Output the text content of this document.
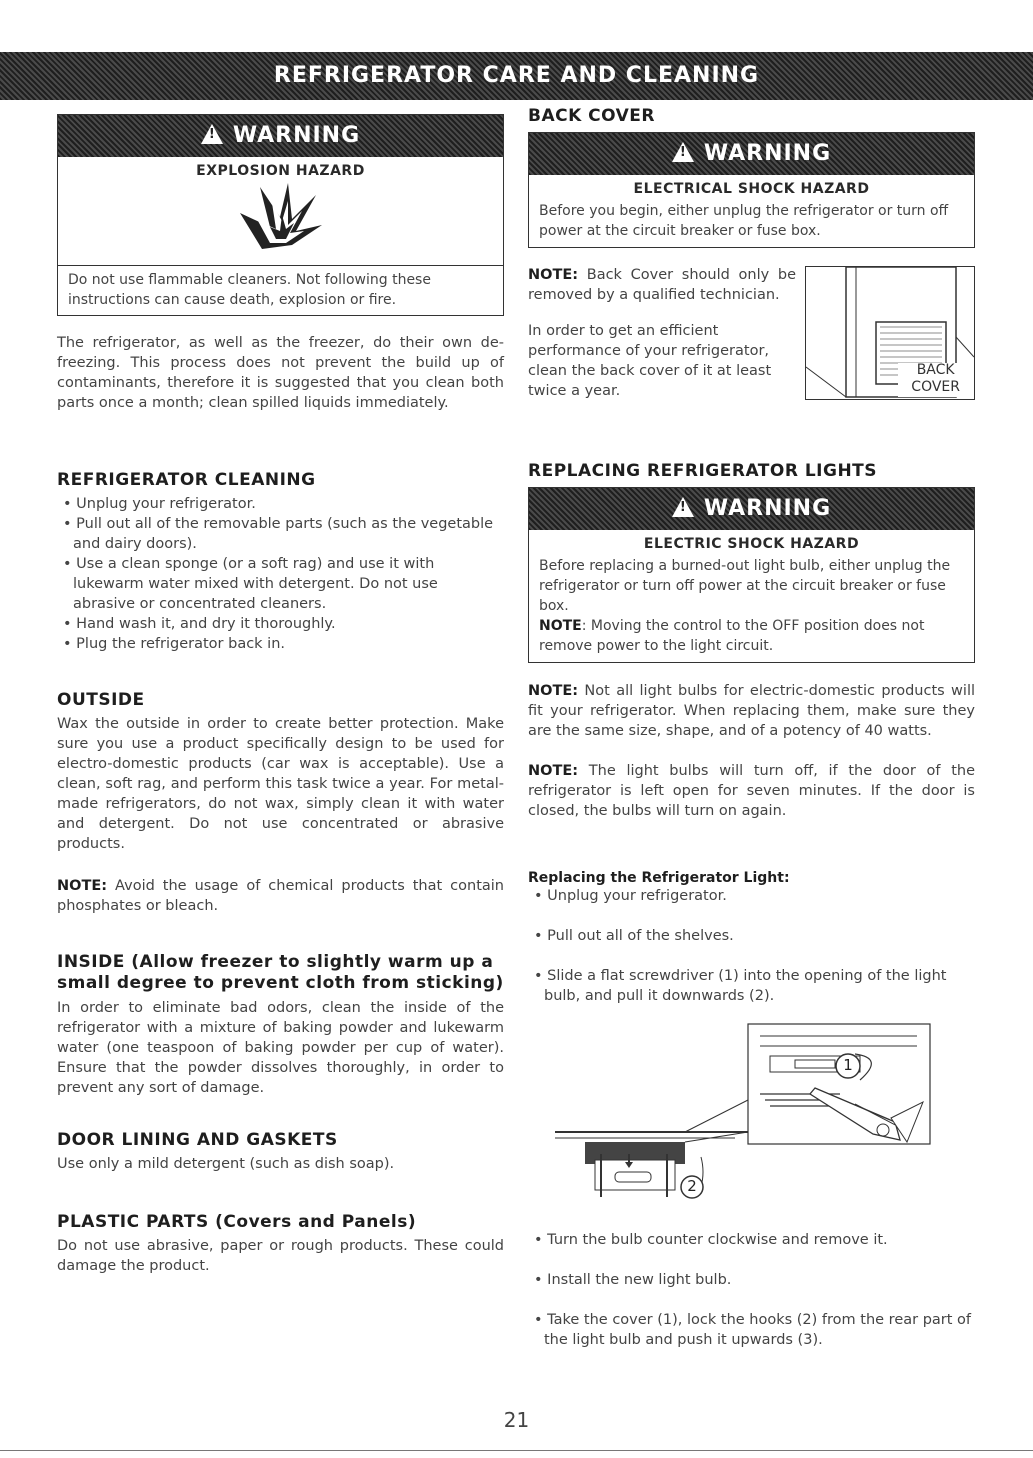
REFRIGERATOR CARE AND CLEANING
!WARNING
EXPLOSION HAZARD
Do not use flammable cleaners. Not following these instructions can cause death, explosion or fire.

The refrigerator, as well as the freezer, do their own de-freezing. This process does not prevent the build up of contaminants, therefore it is suggested that you clean both parts once a month; clean spilled liquids immediately.

REFRIGERATOR CLEANING
• Unplug your refrigerator.
• Pull out all of the removable parts (such as the vegetable and dairy doors).
• Use a clean sponge (or a soft rag) and use it with lukewarm water mixed with detergent. Do not use abrasive or concentrated cleaners.
• Hand wash it, and dry it thoroughly.
• Plug the refrigerator back in.
OUTSIDE

Wax the outside in order to create better protection. Make sure you use a product specifically design to be used for electro-domestic products (car wax is acceptable). Use a clean, soft rag, and perform this task twice a year. For metal-made refrigerators, do not wax, simply clean it with water and detergent. Do not use concentrated or abrasive products.

NOTE: Avoid the usage of chemical products that contain phosphates or bleach.

INSIDE (Allow freezer to slightly warm up a small degree to prevent cloth from sticking)

In order to eliminate bad odors, clean the inside of the refrigerator with a mixture of baking powder and lukewarm water (one teaspoon of baking powder per cup of water). Ensure that the powder dissolves thoroughly, in order to prevent any sort of damage.

DOOR LINING AND GASKETS

Use only a mild detergent (such as dish soap).

PLASTIC PARTS (Covers and Panels)

Do not use abrasive, paper or rough products. These could damage the product.

BACK COVER
!WARNING
ELECTRICAL SHOCK HAZARD
Before you begin, either unplug the refrigerator or turn off power at the circuit breaker or fuse box.

NOTE: Back Cover should only be removed by a qualified technician.

In order to get an efficient performance of your refrigerator, clean the back cover of it at least twice a year.

BACK
COVER
REPLACING REFRIGERATOR LIGHTS
!WARNING
ELECTRIC SHOCK HAZARD
Before replacing a burned-out light bulb, either unplug the refrigerator or turn off power at the circuit breaker or fuse box.
NOTE: Moving the control to the OFF position does not remove power to the light circuit.

NOTE: Not all light bulbs for electric-domestic products will fit your refrigerator. When replacing them, make sure they are the same size, shape, and of a potency of 40 watts.

NOTE: The light bulbs will turn off, if the door of the refrigerator is left open for seven minutes. If the door is closed, the bulbs will turn on again.

Replacing the Refrigerator Light:
• Unplug your refrigerator.
• Pull out all of the shelves.
• Slide a flat screwdriver (1) into the opening of the light bulb, and pull it downwards (2).
1
2
• Turn the bulb counter clockwise and remove it.
• Install the new light bulb.
• Take the cover (1), lock the hooks (2) from the rear part of the light bulb and push it upwards (3).
21
